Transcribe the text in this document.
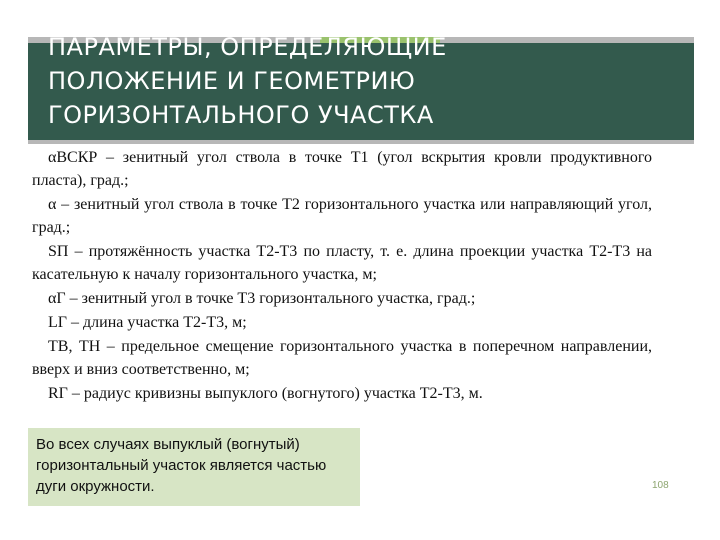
ПАРАМЕТРЫ, ОПРЕДЕЛЯЮЩИЕ
ПОЛОЖЕНИЕ И ГЕОМЕТРИЮ
ГОРИЗОНТАЛЬНОГО УЧАСТКА

αВСКР – зенитный угол ствола в точке T1 (угол вскрытия кровли продуктивного пласта), град.;

α – зенитный угол ствола в точке T2 горизонтального участка или направляющий угол, град.;

SП – протяжённость участка T2-T3 по пласту, т. е. длина проекции участка T2-T3 на касательную к началу горизонтального участка, м;

αГ – зенитный угол в точке T3 горизонтального участка, град.;

LГ – длина участка T2-T3, м;

TВ, TН – предельное смещение горизонтального участка в поперечном направлении, вверх и вниз соответственно, м;

RГ – радиус кривизны выпуклого (вогнутого) участка T2-T3, м.

Во всех случаях выпуклый (вогнутый) горизонтальный участок является частью дуги окружности.	108
